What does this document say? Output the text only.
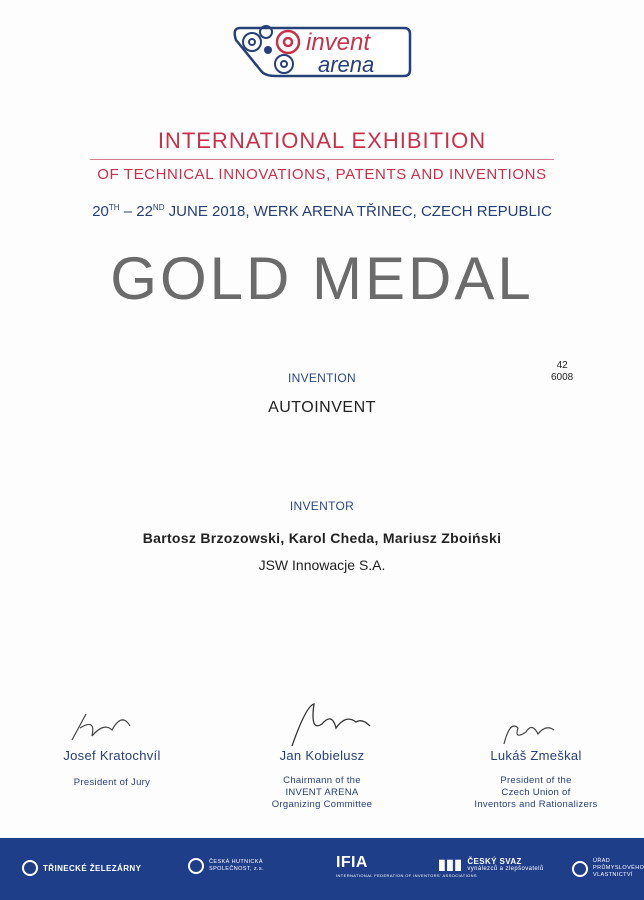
invent
arena
INTERNATIONAL EXHIBITION
OF TECHNICAL INNOVATIONS, PATENTS AND INVENTIONS
20TH – 22ND JUNE 2018, WERK ARENA TŘINEC, CZECH REPUBLIC
GOLD MEDAL
42
6008
INVENTION
AUTOINVENT
INVENTOR
Bartosz Brzozowski, Karol Cheda, Mariusz Zboiński
JSW Innowacje S.A.
Josef Kratochvíl
President of Jury
Jan Kobielusz
Chairmann of the
INVENT ARENA
Organizing Committee
Lukáš Zmeškal
President of the
Czech Union of
Inventors and Rationalizers
TŘINECKÉ ŽELEZÁRNY
ČESKÁ HUTNICKÁ
SPOLEČNOST, z.s.	IFIA
INTERNATIONAL FEDERATION OF INVENTORS' ASSOCIATIONS
▮▮▮ ČESKÝ SVAZ
vynálezců a zlepšovatelů
ÚŘAD
PRŮMYSLOVÉHO
VLASTNICTVÍ
